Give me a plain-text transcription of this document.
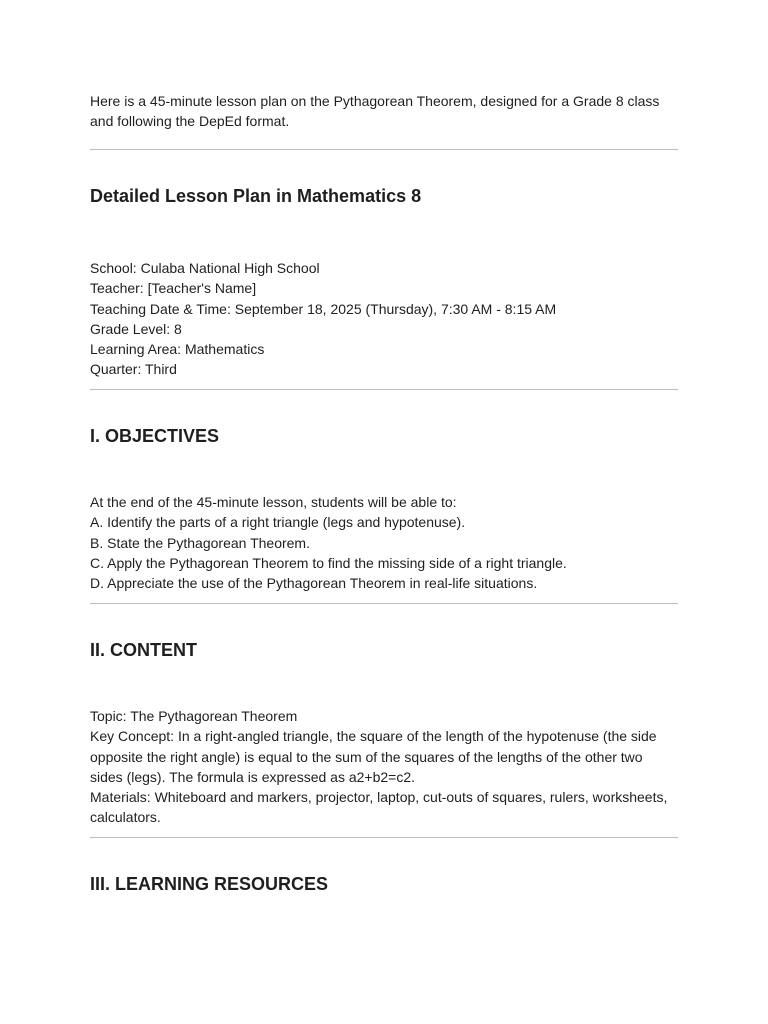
Here is a 45-minute lesson plan on the Pythagorean Theorem, designed for a Grade 8 class and following the DepEd format.

Detailed Lesson Plan in Mathematics 8
School: Culaba National High School
Teacher: [Teacher's Name]
Teaching Date & Time: September 18, 2025 (Thursday), 7:30 AM - 8:15 AM
Grade Level: 8
Learning Area: Mathematics
Quarter: Third
I. OBJECTIVES
At the end of the 45-minute lesson, students will be able to:
A. Identify the parts of a right triangle (legs and hypotenuse).
B. State the Pythagorean Theorem.
C. Apply the Pythagorean Theorem to find the missing side of a right triangle.
D. Appreciate the use of the Pythagorean Theorem in real-life situations.
II. CONTENT

Topic: The Pythagorean Theorem

Key Concept: In a right-angled triangle, the square of the length of the hypotenuse (the side opposite the right angle) is equal to the sum of the squares of the lengths of the other two sides (legs). The formula is expressed as a2+b2=c2.

Materials: Whiteboard and markers, projector, laptop, cut-outs of squares, rulers, worksheets, calculators.

III. LEARNING RESOURCES
